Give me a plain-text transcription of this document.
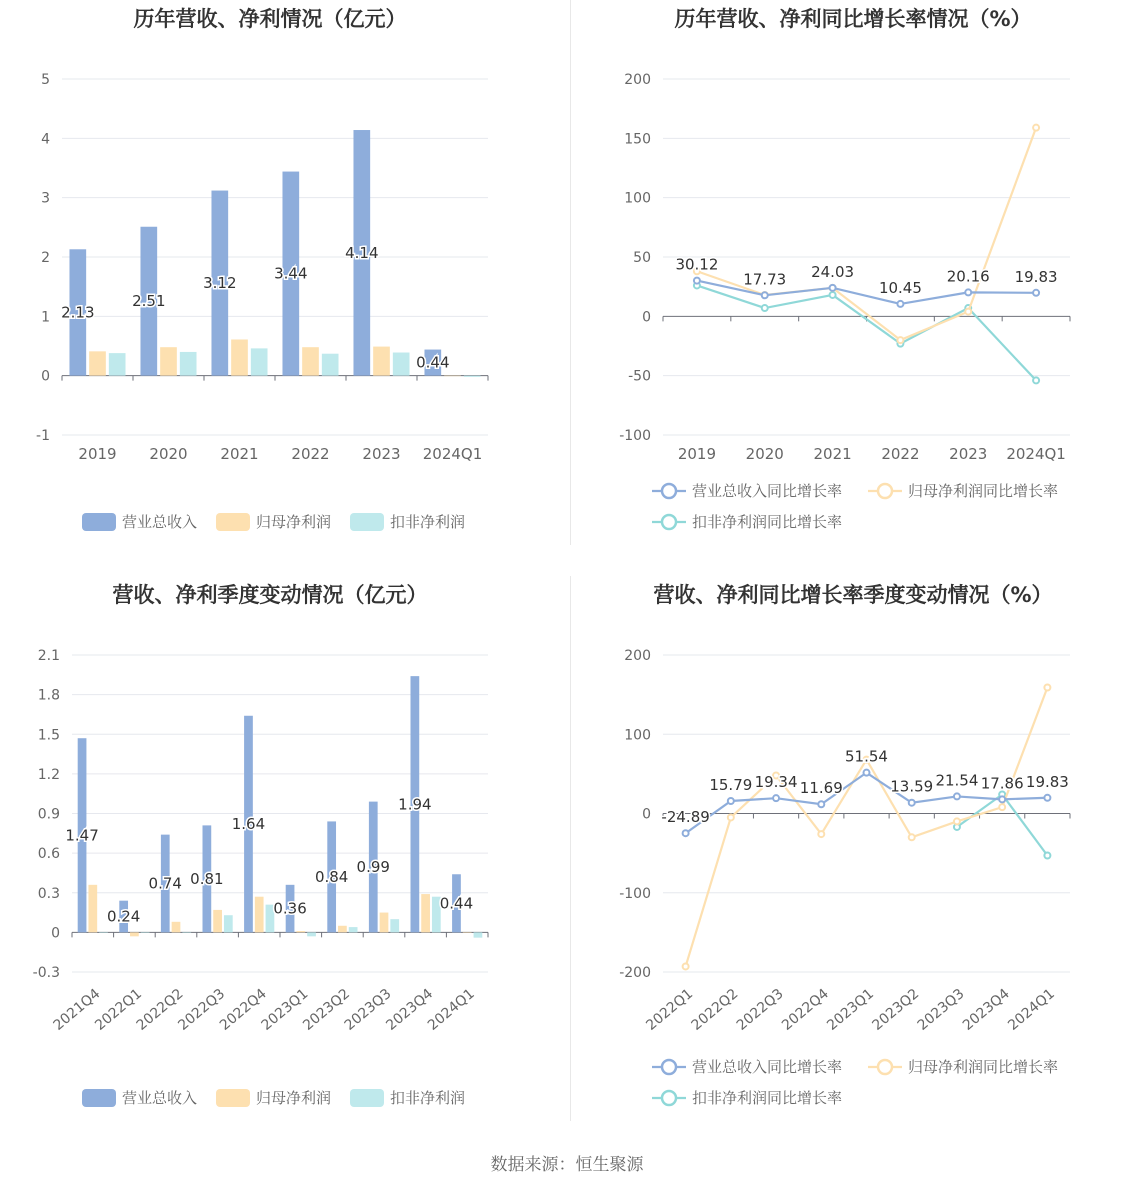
历年营收、净利情况（亿元）
-1
0
1
2
3
4
5
2019 2020 2021 2022 2023 2024Q1
2.13
2.51
3.12
3.44
4.14
0.44
营业总收入	归母净利润	扣非净利润
历年营收、净利同比增长率情况（%）
-100
-50
0
50
100
150
200
2019 2020 2021 2022 2023 2024Q1
30.12
17.73 24.03
10.45
20.16 19.83
营业总收入同比增长率	归母净利润同比增长率
扣非净利润同比增长率
营收、净利季度变动情况（亿元）
-0.3
0
0.3
0.6
0.9
1.2
1.5
1.8
2.1
2021Q4
2022Q1
2022Q2
2022Q3
2022Q4
2023Q1
2023Q2
2023Q3
2023Q4
2024Q1
1.47
0.24
0.74 0.81
1.64
0.36
0.84
0.99
1.94
0.44
营业总收入	归母净利润	扣非净利润
营收、净利同比增长率季度变动情况（%）
-200
-100
0
100
200
2022Q1
2022Q2
2022Q3
2022Q4
2023Q1
2023Q2
2023Q3
2023Q4
2024Q1
-24.89
15.79 19.34 11.69
51.54
13.59 21.54 17.86 19.83
营业总收入同比增长率	归母净利润同比增长率
扣非净利润同比增长率
数据来源：恒生聚源
